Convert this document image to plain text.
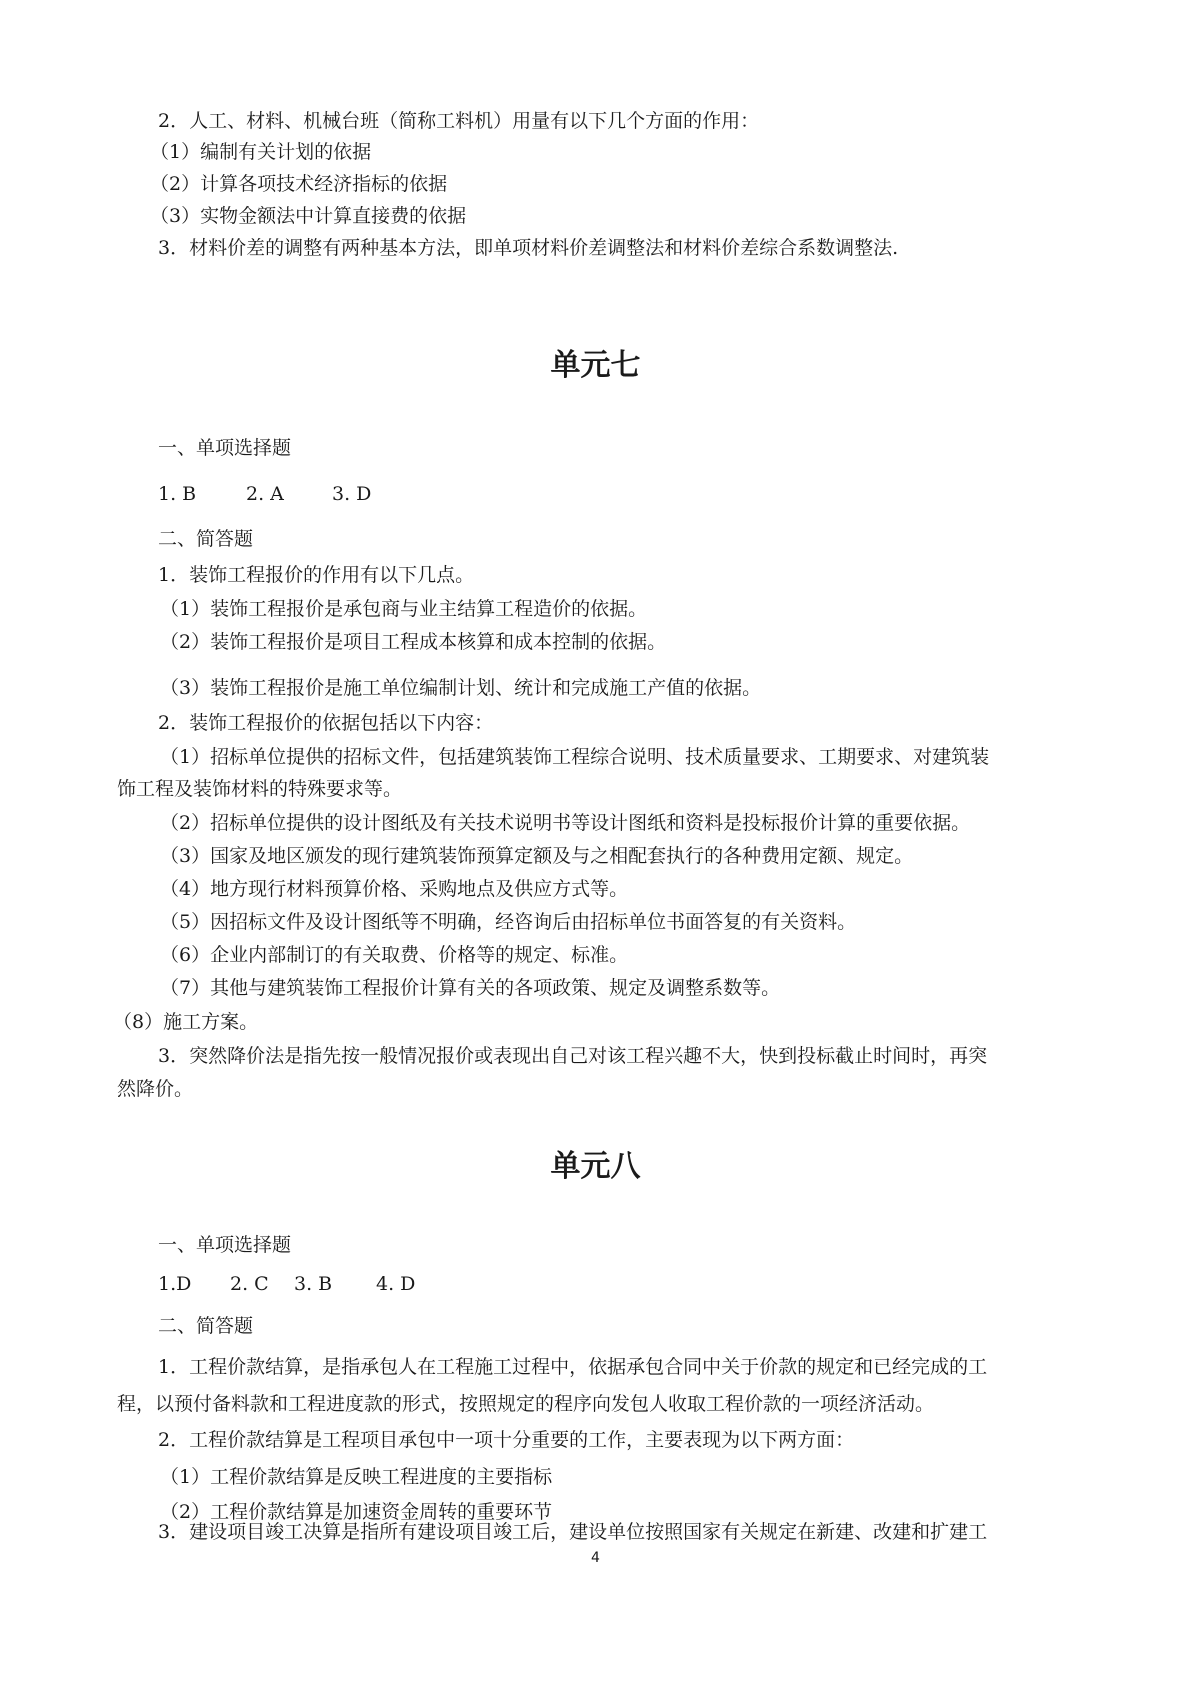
2．人工、材料、机械台班（简称工料机）用量有以下几个方面的作用：
（1）编制有关计划的依据
（2）计算各项技术经济指标的依据
（3）实物金额法中计算直接费的依据
3．材料价差的调整有两种基本方法，即单项材料价差调整法和材料价差综合系数调整法.
单元七
一、单项选择题
1. B	2. A	3. D
二、简答题
1．装饰工程报价的作用有以下几点。
（1）装饰工程报价是承包商与业主结算工程造价的依据。
（2）装饰工程报价是项目工程成本核算和成本控制的依据。
（3）装饰工程报价是施工单位编制计划、统计和完成施工产值的依据。
2．装饰工程报价的依据包括以下内容：
（1）招标单位提供的招标文件，包括建筑装饰工程综合说明、技术质量要求、工期要求、对建筑装
饰工程及装饰材料的特殊要求等。
（2）招标单位提供的设计图纸及有关技术说明书等设计图纸和资料是投标报价计算的重要依据。
（3）国家及地区颁发的现行建筑装饰预算定额及与之相配套执行的各种费用定额、规定。
（4）地方现行材料预算价格、采购地点及供应方式等。
（5）因招标文件及设计图纸等不明确，经咨询后由招标单位书面答复的有关资料。
（6）企业内部制订的有关取费、价格等的规定、标准。
（7）其他与建筑装饰工程报价计算有关的各项政策、规定及调整系数等。
（8）施工方案。
3．突然降价法是指先按一般情况报价或表现出自己对该工程兴趣不大，快到投标截止时间时，再突
然降价。
单元八
一、单项选择题
1.D 2. C 3. B 4. D
二、简答题
1．工程价款结算，是指承包人在工程施工过程中，依据承包合同中关于价款的规定和已经完成的工
程，以预付备料款和工程进度款的形式，按照规定的程序向发包人收取工程价款的一项经济活动。
2．工程价款结算是工程项目承包中一项十分重要的工作，主要表现为以下两方面：
（1）工程价款结算是反映工程进度的主要指标
（2）工程价款结算是加速资金周转的重要环节
3．建设项目竣工决算是指所有建设项目竣工后，建设单位按照国家有关规定在新建、改建和扩建工
4
